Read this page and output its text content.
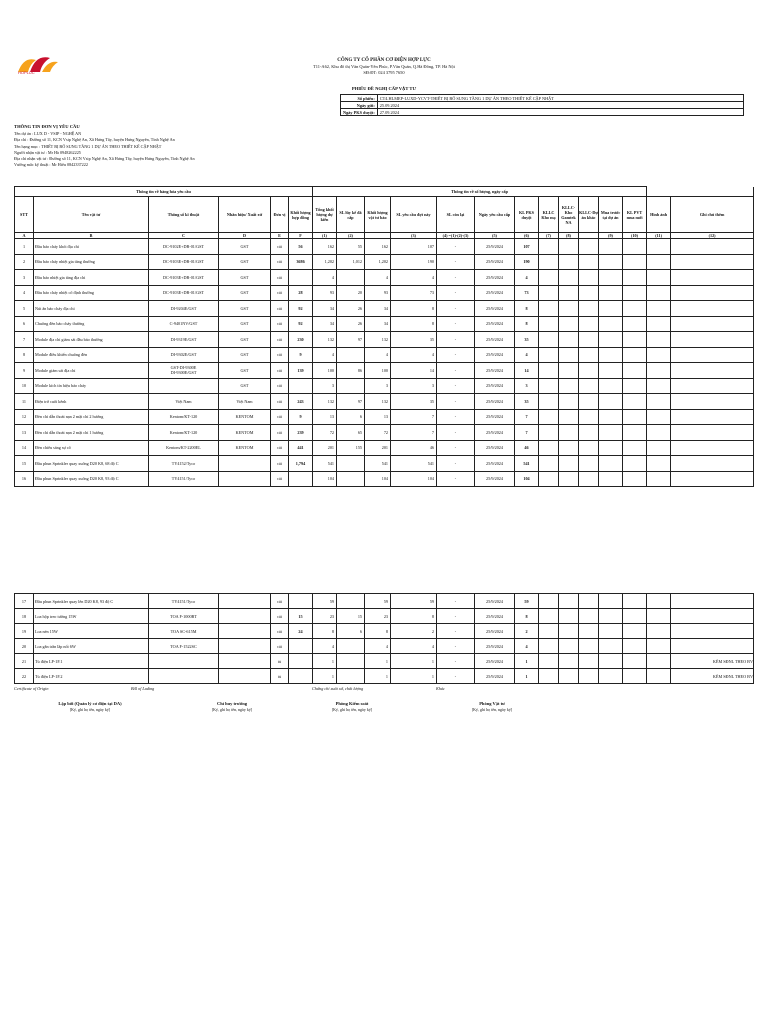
HOPLUC
CÔNG TY CỔ PHẦN CƠ ĐIỆN HỢP LỰC
T11-A62, Khu đô thị Văn Quán-Yên Phúc, P.Văn Quán, Q.Hà Đông, TP. Hà Nội
SĐ:ĐT: 024 3795 7650
PHIẾU ĐỀ NGHỊ CẤP VẬT TƯ
Số phiếu:	CT4.HLMEP-LUXD-YCVT-THIẾT BỊ BỔ SUNG TẦNG 1 DỰ ÁN THEO THIẾT KẾ CẬP NHẬT
Ngày gửi:	25.09.2024
Ngày PKS duyệt:	27.09.2024
THÔNG TIN ĐƠN VỊ YÊU CẦU
Tên dự án : LUX D - VSIP - NGHỆ AN
Địa chỉ : Đường số 11, KCN Vsip Nghệ An, Xã Hưng Tây, huyện Hưng Nguyên, Tỉnh Nghệ An
Tên hạng mục : THIẾT BỊ BỔ SUNG TẦNG 1 DỰ ÁN THEO THIẾT KẾ CẬP NHẬT
Người nhận vật tư : Mr Hà 0948262225
Địa chỉ nhận vật tư : Đường số 11, KCN Vsip Nghệ An, Xã Hưng Tây, huyện Hưng Nguyên, Tỉnh Nghệ An
Vướng mắc kỹ thuật : Mr Hiếu 0842337222
Thông tin về hàng hóa yêu cầu						Thông tin về số lượng, ngày cấp													
STT	Tên vật tư	Thông số kĩ thuật	Nhãn hiệu/ Xuất xứ	Đơn vị	Khối lượng hợp đồng	Tổng khối lượng dự kiến	SL lũy kế đã cấp	Khối lượng vật tư bảo	SL yêu cầu đợt này	SL còn lại	Ngày yêu cầu cấp	KL PKS duyệt	KLLC Kho mạ	KLLC-Kho Gamtek NA	KLLC-Dự án khác	Mua trước tại dự án	KL PVT mua mới	Hình ảnh	Ghi chú thêm
A	B	C	D	E	F	(1)	(2)		(3)	(4) =(1)-(2)-(3)	(5)	(6)	(7)	(8)		(9)	(10)	(11)	(12)
1	Đầu báo cháy khói địa chỉ	DC-9102E+DB-01/GST	GST	cái	56	162	55	162	107	-	25/9/2024	107							
2	Đầu báo cháy nhiệt gia tăng thường	DC-9103E+DB-01/GST	GST	cái	3686	1,202	1,012	1,202	190	-	25/9/2024	190							
3	Đầu báo nhiệt gia tăng địa chỉ	DC-9103E+DB-01/GST	GST	cái		4		4	4	-	25/9/2024	4							
4	Đầu báo cháy nhiệt cố định thường	DC-9103E+DB-01/GST	GST	cái	28	93	20	93	73	-	25/9/2024	73							
5	Nút ấn báo cháy địa chỉ	DI-9204E/GST	GST	cái	92	34	26	34	8	-	25/9/2024	8							
6	Chuông đèn báo cháy thường	C-9401NV/GST	GST	cái	92	34	26	34	8	-	25/9/2024	8							
7	Module địa chỉ giám sát đầu báo thường	DI-9319E/GST	GST	cái	230	132	97	132	35	-	25/9/2024	35							
8	Module điều khiển chuông đèn	DI-9302E/GST	GST	cái	9	4		4	4	-	25/9/2024	4							
9	Module giám sát địa chỉ	GST-DI-9300E
DI-9300E/GST	GST	cái	139	100	86	100	14	-	25/9/2024	14							
10	Module kích tín hiệu báo cháy		GST	cái		3		3	3	-	25/9/2024	3							
11	Điện trở cuối kênh	Việt Nam	Việt Nam	cái	243	132	97	132	35	-	25/9/2024	35							
12	Đèn chỉ dẫn thoát nạn 2 mặt chỉ 2 hướng	Kentom/KT-120	KENTOM	cái	9	13	6	13	7	-	25/9/2024	7							
13	Đèn chỉ dẫn thoát nạn 2 mặt chỉ 1 hướng	Kentom/KT-120	KENTOM	cái	239	72	65	72	7	-	25/9/2024	7							
14	Đèn chiếu sáng sự cố	Kentom/KT-2200EL	KENTOM	cái	441	201	155	201	46	-	25/9/2024	46							
15	Đầu phun Sprinkler quay xuống D20 K8, 68 độ C	TY4152/Tyco		cái	1,794	541		541	541	-	25/9/2024	541							
16	Đầu phun Sprinkler quay xuống D20 K8, 93 độ C	TY4151/Tyco		cái		104		104	104	-	25/9/2024	104							
17	Đầu phun Sprinkler quay lên D20 K8, 93 độ C	TY4151/Tyco		cái		59		59	59	-	25/9/2024	59							
18	Loa hộp treo tường 15W	TOA F-1000BT		cái	15	23	15	23	8	-	25/9/2024	8							
19	Loa nén 15W	TOA SC-615M		cái	24	8	6	8	2	-	25/9/2024	2							
20	Loa gắn trần lắp nổi 6W	TOA F-1522SC		cái		4		4	4	-	25/9/2024	4							
21	Tủ điện LP-1F.1			tủ		1		1	1	-	25/9/2024	1							KÈM SĐNL THEO BV
22	Tủ điện LP-1F.2			tủ		1		1	1	-	25/9/2024	1							KÈM SĐNL THEO BV
Certificate of Origin	Bill of Lading	Chứng chỉ xuất xứ, chất lượng	Khác
Lập bởi (Quản lý cơ điện tại DA)
[Ký, ghi họ tên, ngày ký]
Chỉ huy trưởng
[Ký, ghi họ tên, ngày ký]
Phòng Kiểm soát
[Ký, ghi họ tên, ngày ký]
Phòng Vật tư
[Ký, ghi họ tên, ngày ký]
